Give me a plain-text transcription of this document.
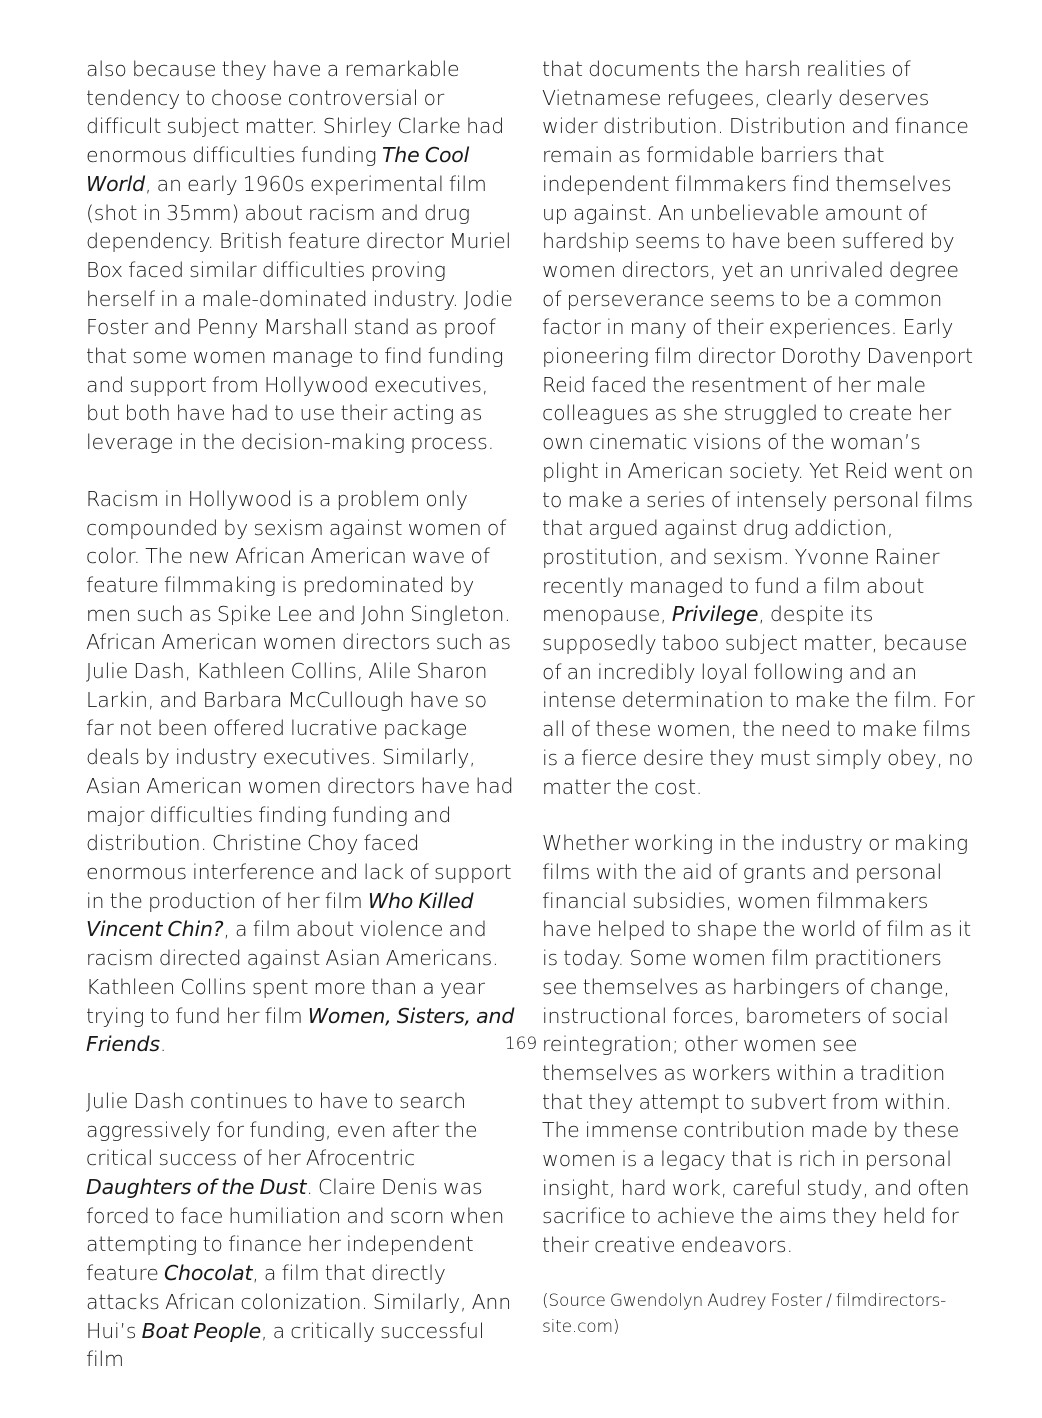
also because they have a remarkable tendency to choose controversial or difficult subject matter. Shirley Clarke had enormous difficulties funding The Cool World, an early 1960s experimental film (shot in 35mm) about racism and drug dependency. British feature director Muriel Box faced similar difficulties proving herself in a male-dominated industry. Jodie Foster and Penny Marshall stand as proof that some women manage to find funding and support from Hollywood executives, but both have had to use their acting as leverage in the decision-making process.

Racism in Hollywood is a problem only compounded by sexism against women of color. The new African American wave of feature filmmaking is predominated by men such as Spike Lee and John Singleton. African American women directors such as Julie Dash, Kathleen Collins, Alile Sharon Larkin, and Barbara McCullough have so far not been offered lucrative package deals by industry executives. Similarly, Asian American women directors have had major difficulties finding funding and distribution. Christine Choy faced enormous interference and lack of support in the production of her film Who Killed Vincent Chin?, a film about violence and racism directed against Asian Americans. Kathleen Collins spent more than a year trying to fund her film Women, Sisters, and Friends.

Julie Dash continues to have to search aggressively for funding, even after the critical success of her Afrocentric Daughters of the Dust. Claire Denis was forced to face humiliation and scorn when attempting to finance her independent feature Chocolat, a film that directly attacks African colonization. Similarly, Ann Hui’s Boat People, a critically successful film

that documents the harsh realities of Vietnamese refugees, clearly deserves wider distribution. Distribution and finance remain as formidable barriers that independent filmmakers find themselves up against. An unbelievable amount of hardship seems to have been suffered by women directors, yet an unrivaled degree of perseverance seems to be a common factor in many of their experiences. Early pioneering film director Dorothy Davenport Reid faced the resentment of her male colleagues as she struggled to create her own cinematic visions of the woman’s plight in American society. Yet Reid went on to make a series of intensely personal films that argued against drug addiction, prostitution, and sexism. Yvonne Rainer recently managed to fund a film about menopause, Privilege, despite its supposedly taboo subject matter, because of an incredibly loyal following and an intense determination to make the film. For all of these women, the need to make films is a fierce desire they must simply obey, no matter the cost.

Whether working in the industry or making films with the aid of grants and personal financial subsidies, women filmmakers have helped to shape the world of film as it is today. Some women film practitioners see themselves as harbingers of change, instructional forces, barometers of social reintegration; other women see themselves as workers within a tradition that they attempt to subvert from within. The immense contribution made by these women is a legacy that is rich in personal insight, hard work, careful study, and often sacrifice to achieve the aims they held for their creative endeavors.

(Source Gwendolyn Audrey Foster / filmdirectors-site.com)

169
